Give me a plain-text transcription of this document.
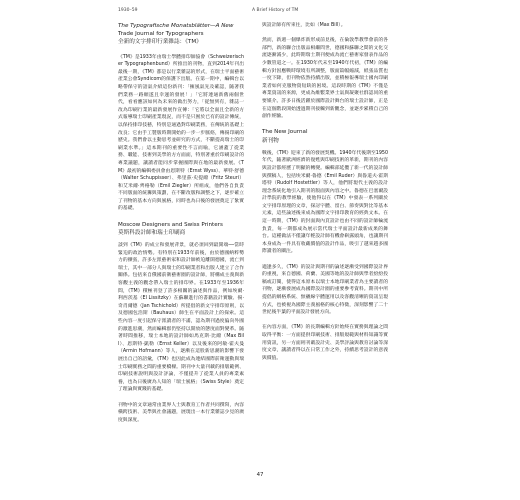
1930–59	A Brief History of TM
The Typografische Monatsblätter—A New
Trade Journal for Typographers
全新的文字排印行業雜誌：《TM》

《TM》是1933年由瑞士學體排印師協會（Schweizerischer Typographenbund）所推出的刊物，直到2014年刊出最後一期，《TM》都是以行業雜誌的形式，在瑞士平面藝術產業公會Syndicom的保護下出版。在第一期中，編輯台以略帶保守的語氣介紹這份新刊：「擁風氣先及確認，隨著我們業務一路順遂且幸運的發展！」「它將連通新舊兩個世代，看看應該如何為未來的做出努力，「從無到有，雜誌一改為印刷行業的最新發展作宣傳：「它將以全面且全新的方式報導瑞士印刷產業現況，而不是只囿於已有的設計傳統，以保持排印技藝，特別是通過對印刷業務，在傳統的基礎上改良；它由手工製版時期開始的一步一步脈絡，傳揚印刷的歷史。我們會以主動思考並研究的方式，不斷提高瑞士的印刷業水準。」這本期刊的重要性不言而喻，它涵蓋了從業務、職能、技術到美學的方方面面，特別著重於印刷設計的專業議題，讓讀者能同步掌握國際與在地的最新發展。《TM》最初的編輯委員會由恩斯特（Ernst Wyss）、華特·舒德（Walter Schuppisser）、弗里茲·史提爾（Fritz Steuri）和艾米爾·齊格勒（Emil Ziegler）所組成，他們各自負責不同版面的統籌與策劃，在不斷改版和調整之下，逐步確立了刊物的基本方向與風格，同時也為日後的發展奠定了紮實的基礎。

Moscow Designers and Swiss Printers
莫斯科設計師和瑞士印刷商

談到《TM》的成立和發展背景，就必須回到最開端──當時緊迫的政治情勢。有特別在1933年前後，由於德國納粹勢力的擴張，許多左派藝術家和設計師被迫離開德國，流亡到瑞士，其中一部分人與瑞士的印刷業者和出版人建立了合作關係。包括來自俄國前衛藝術圈的設計師，將構成主義與新客觀主義的觀念帶入瑞士的排印界。在1933年至1936年間，《TM》積極刊登了許多相關的論述與作品，例如埃爾·利西茨基（El Lissitzky）在蘇聯進行的書籍設計實驗、揚·奇肖爾德（Jan Tschichold）所提倡的新文字排印原則，以及德國包浩斯（Bauhaus）師生在平面設計上的探索。這些內容一度引起保守派讀者的不滿，認為期刊過度偏向外國的激進思潮，然而編輯群仍堅持以開放的態度面對變革。隨著時間推移，瑞士本地的設計師如馬克斯·比爾（Max Bill）、恩斯特·凱勒（Ernst Keller）以及後來的阿敏·霍夫曼（Armin Hofmann）等人，逐漸在這股新思潮的影響下發展出自己的語彙，《TM》也因此成為連結國際前衛運動與瑞士印刷實務之間的重要橋樑。期刊中大量刊載的排版範例、印刷技術說明與設計評論，不僅提升了從業人員的專業素養，也為日後廣為人知的「瑞士風格」（Swiss Style）奠定了理論與實踐的基礎。

刊物中的文章通常由業界人士與教育工作者共同撰寫，內容橫跨技術、美學與社會議題，展現出一本行業雜誌少見的廣度與深度。

與設計師有所來往，比如（Max Bill）。

然而，新週一個爆炸新形成前見後，在倫敦學教學會前的各部門，新的聯合出版品相繼問世，德國和蘇聯之間的文化交流逐漸減少，此時期瑞士期刊便成為流亡藝術家發表作品的少數管道之一。在1930年代末至1940年代初，《TM》的編輯方針因應戰時環境有所調整，版面篇幅縮減，紙張品質也一度下降，但刊物依然持續出版，並積極報導瑞士國內印刷業者如何克服物資短缺的困境。這段時期的《TM》不僅是專業資訊的來源，更成為維繫業界士氣與凝聚社群認同的重要媒介。許多日後活躍於國際設計舞台的瑞士設計師，正是在這個階段開始透過期刊接觸到新觀念，並逐步累積自己的創作經驗。

The New Journal
新刊物

戰後，《TM》迎來了新的發展契機。1940年代後期至1950年代，隨著歐洲經濟的復甦與印刷技術的革新，期刊的內容與設計都經歷了明顯的轉變。編輯部延攬了新一代的設計師與撰稿人，包括埃米爾·魯德（Emil Ruder）與魯道夫·霍斯塔特（Rudolf Hostettler）等人，他們將現代主義的設計理念系統化地引入期刊的版面與內容之中。魯德在巴塞爾設計學院的教學經驗，使他得以在《TM》中發表一系列關於文字排印原理的文章，探討字體、留白、節奏與對比等基本元素，這些論述後來成為國際文字排印教育的經典文本。在這一時期，《TM》的封面與內頁設計也由不同的設計師輪流負責，每一期都成為展示當代瑞士平面設計最新成果的舞台。這種做法不僅讓年輕設計師有機會嶄露頭角，也讓期刊本身成為一件具有收藏價值的設計作品，吸引了越來越多國際讀者的關注。

適逢多久，《TM》的設計與期刊的論述逐漸受到國際設計界的重視，來自德國、荷蘭、美國等地的設計師與學者紛紛投稿或訂閱，使得這本原本以瑞士本地印刷業者為主要讀者的刊物，逐漸發展成為國際設計圈的重要參考資料。期刊中所提倡的網格系統、無襯線字體運用以及客觀清晰的資訊呈現方式，也被視為國際主義風格的核心特徵，深刻影響了二十世紀後半葉的平面設計發展方向。

在內容方面，《TM》的長期編輯方針始終在實務與理論之間取得平衡：一方面提供印刷技術、排版規範與材料知識等實用資訊，另一方面則刊載設計史、美學評論與教育討論等深度文章，讓讀者得以在日常工作之外，持續思考設計的意義與價值。

47
